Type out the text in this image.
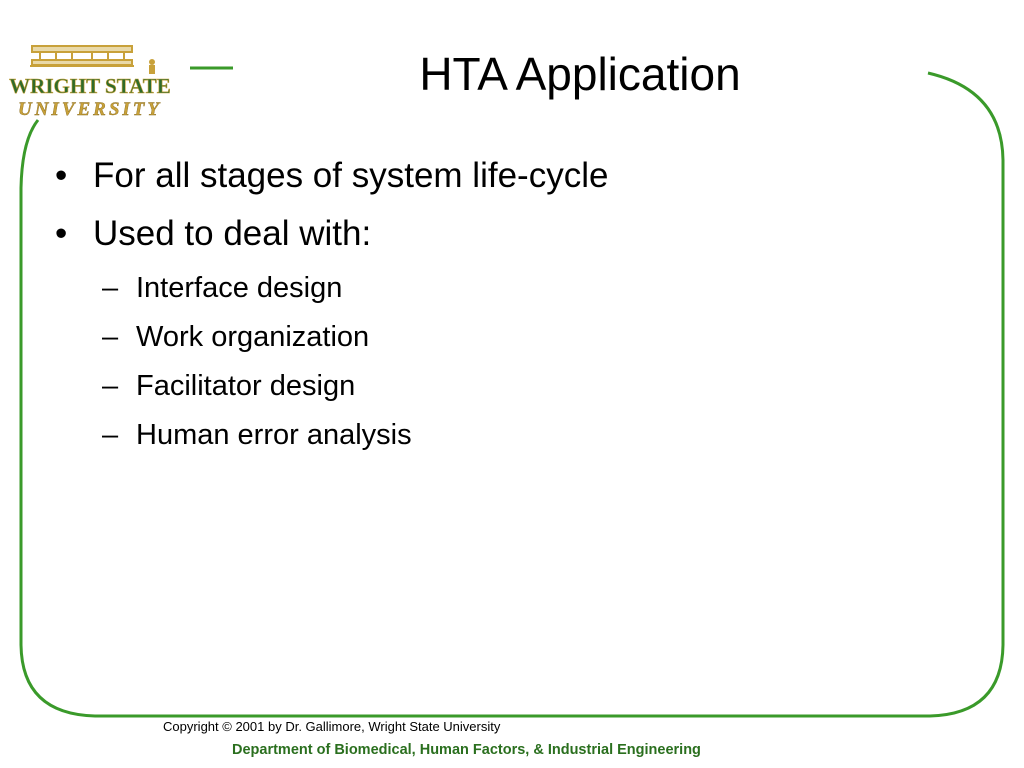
WRIGHT STATE
UNIVERSITY
HTA Application
• For all stages of system life-cycle
• Used to deal with:
– Interface design
– Work organization
– Facilitator design
– Human error analysis
Copyright © 2001 by Dr. Gallimore, Wright State University
Department of Biomedical, Human Factors, & Industrial Engineering
